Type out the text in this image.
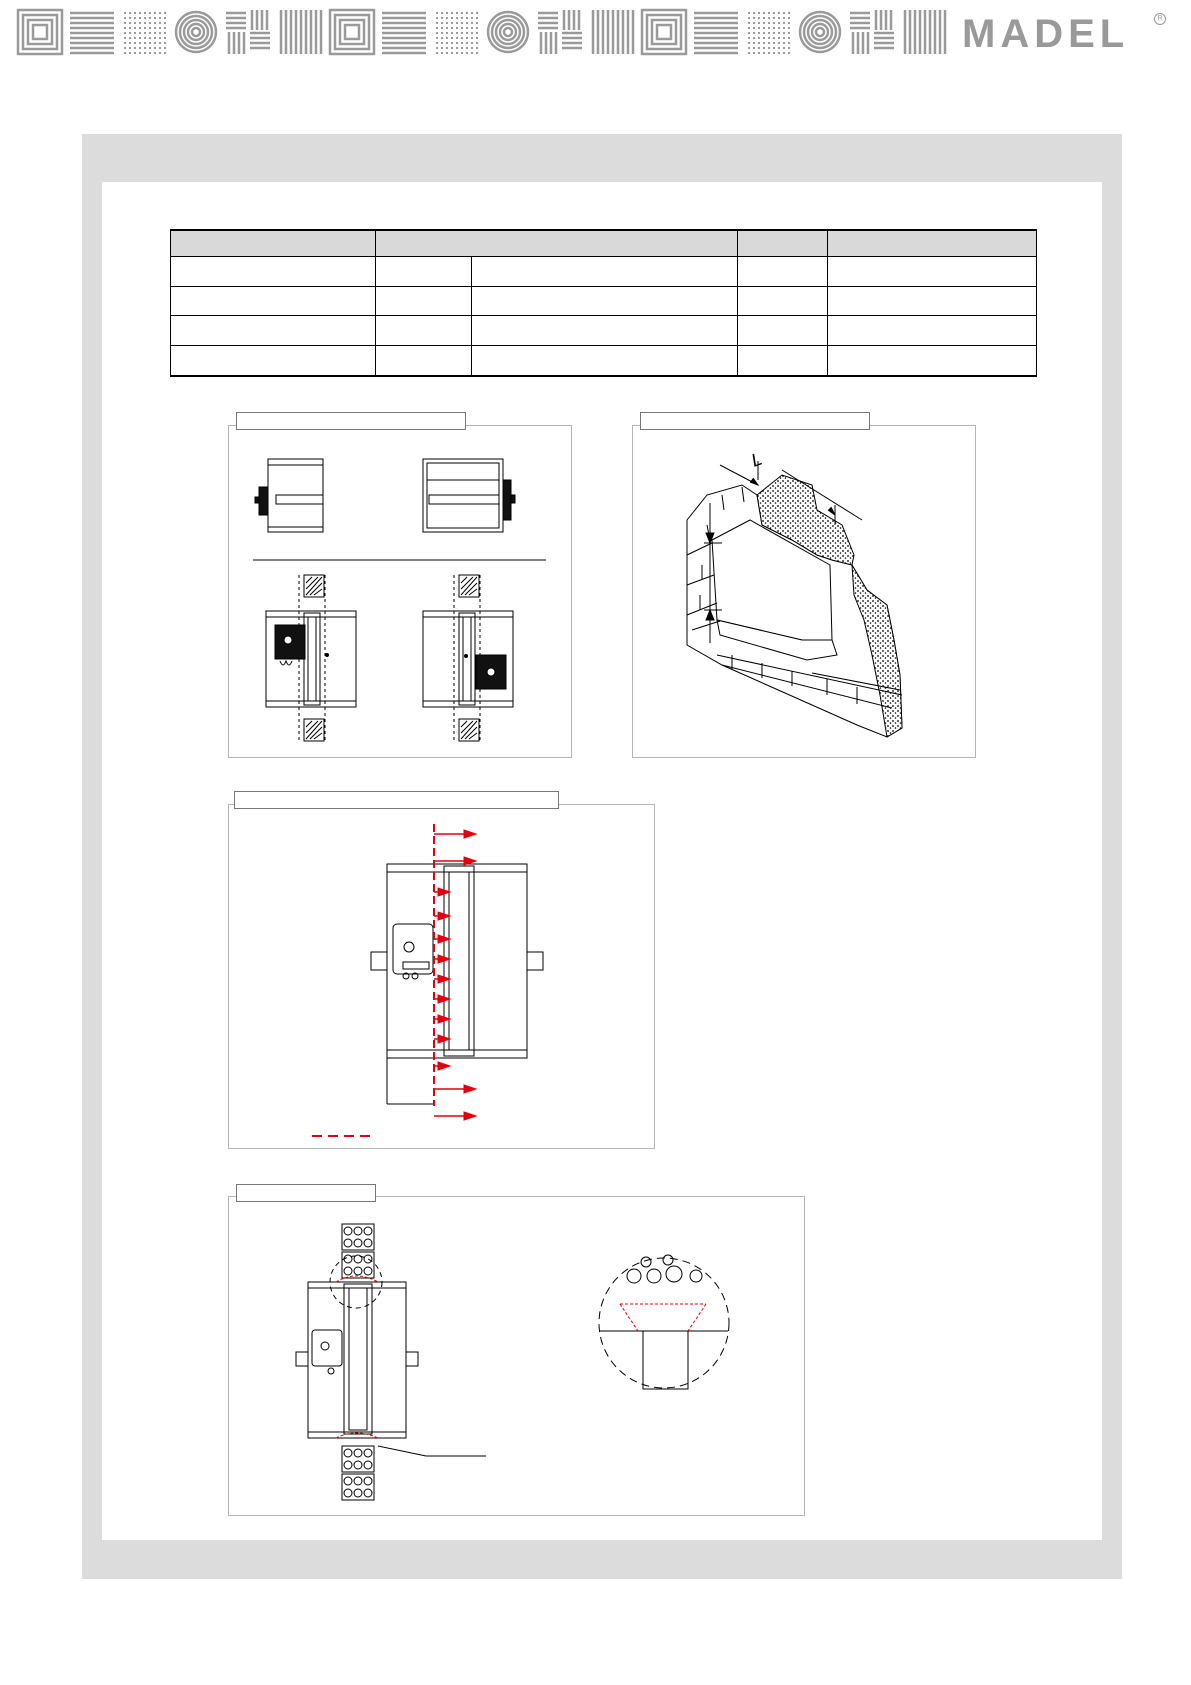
MADEL	R

L
